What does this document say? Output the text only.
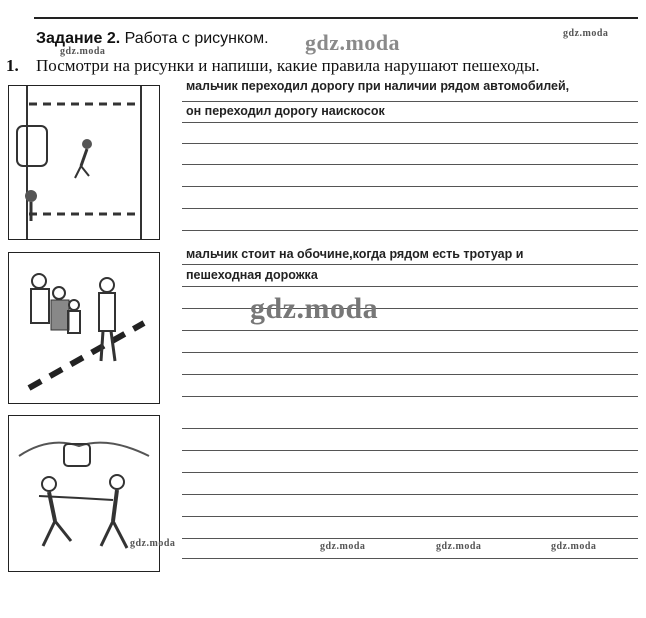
Задание 2. Работа с рисунком. gdz.moda
gdz.moda
gdz.moda
1. Посмотри на рисунки и напиши, какие правила нарушают пешеходы.
мальчик переходил дорогу при наличии рядом автомобилей,
он переходил дорогу наискосок
мальчик стоит на обочине,когда рядом есть тротуар и
пешеходная дорожка
gdz.moda
gdz.moda	gdz.moda	gdz.moda	gdz.moda
